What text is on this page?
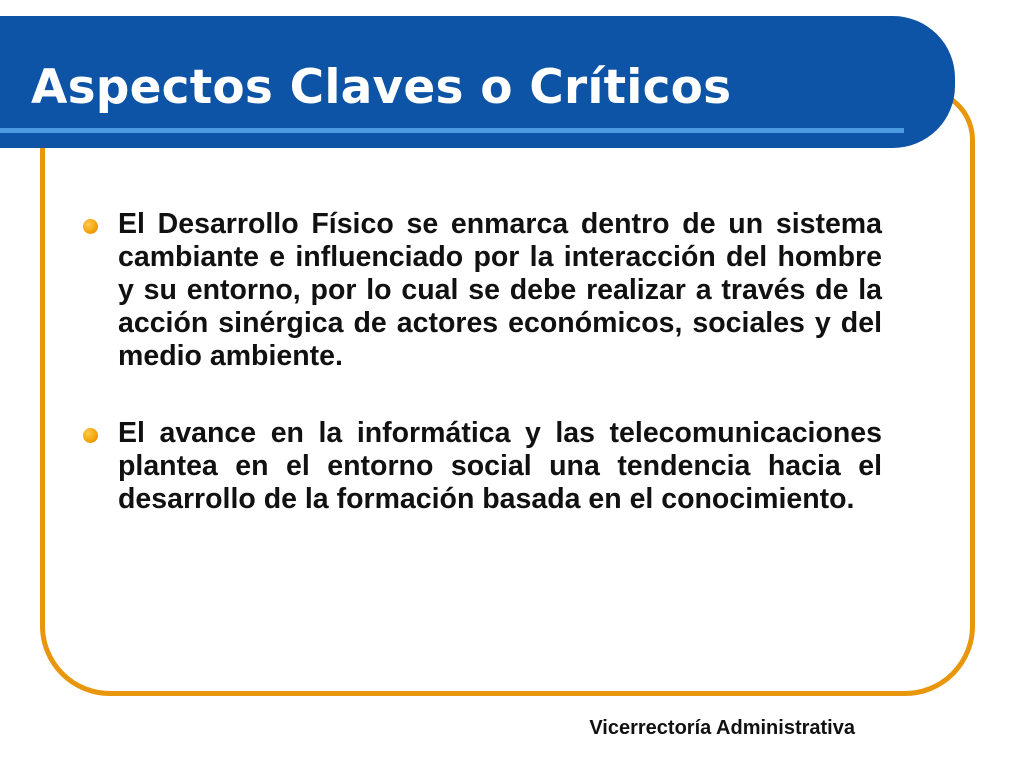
Aspectos Claves o Críticos

El Desarrollo Físico se enmarca dentro de un sistema cambiante e influenciado por la interacción del hombre y su entorno, por lo cual se debe realizar a través de la acción sinérgica de actores económicos, sociales y del medio ambiente.

El avance en la informática y las telecomunicaciones plantea en el entorno social una tendencia hacia el desarrollo de la formación basada en el conocimiento.

Vicerrectoría Administrativa
